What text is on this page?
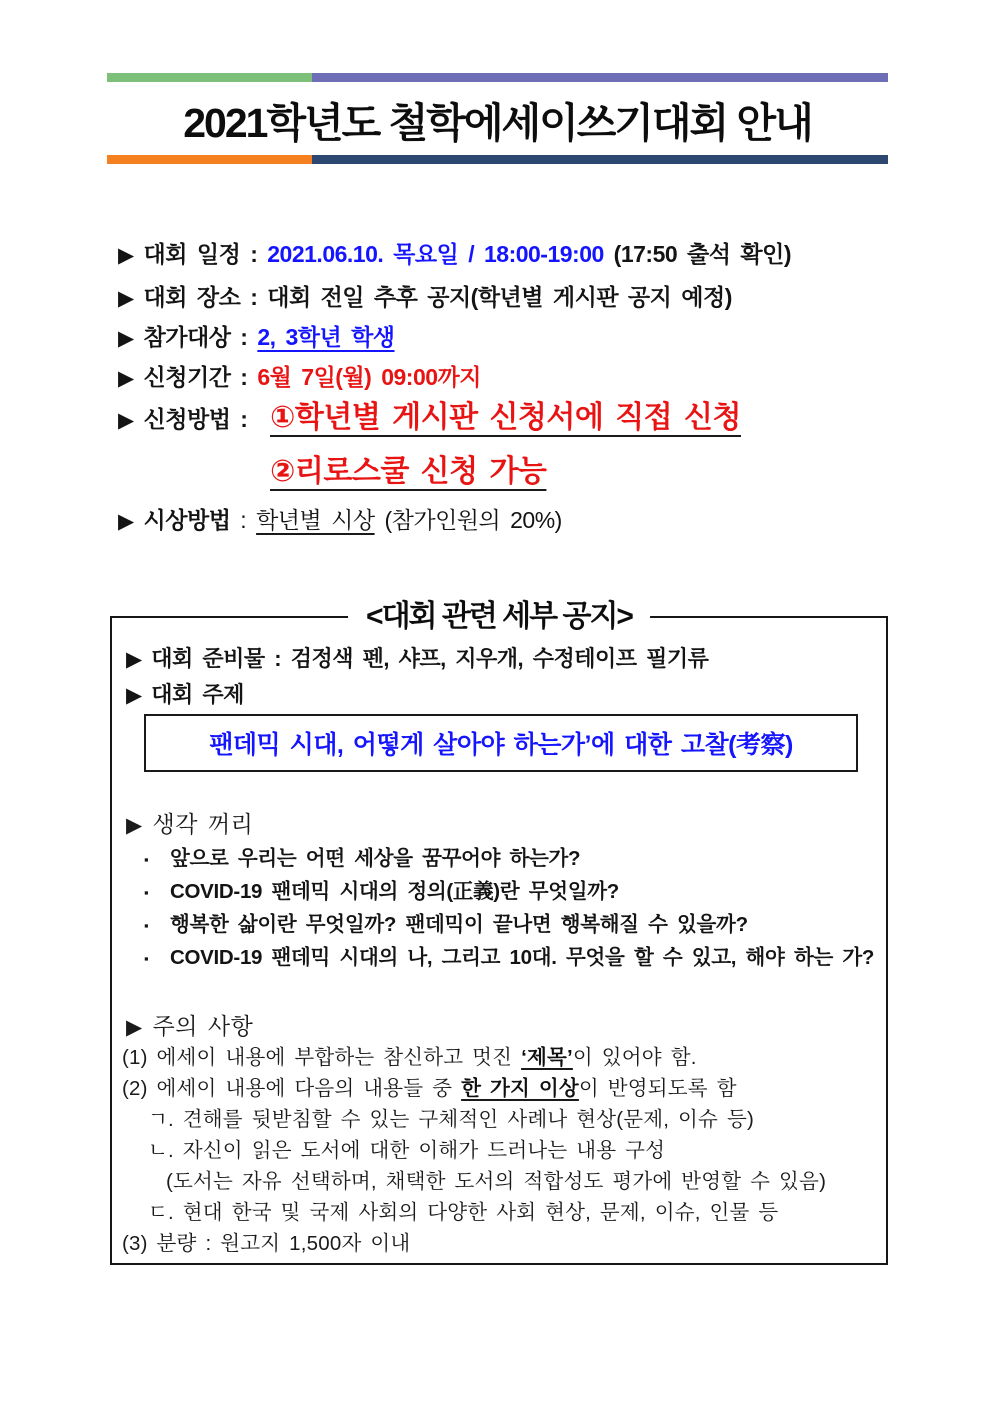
2021학년도 철학에세이쓰기대회 안내
▶ 대회 일정 : 2021.06.10. 목요일 / 18:00-19:00 (17:50 출석 확인)
▶ 대회 장소 : 대회 전일 추후 공지(학년별 게시판 공지 예정)
▶ 참가대상 : 2, 3학년 학생
▶ 신청기간 : 6월 7일(월) 09:00까지
▶ 신청방법 : ①학년별 게시판 신청서에 직접 신청
②리로스쿨 신청 가능
▶ 시상방법 : 학년별 시상 (참가인원의 20%)
<대회 관련 세부 공지>
▶ 대회 준비물 : 검정색 펜, 샤프, 지우개, 수정테이프 필기류
▶ 대회 주제
팬데믹 시대, 어떻게 살아야 하는가’에 대한 고찰(考察)
▶ 생각 꺼리
▪	앞으로 우리는 어떤 세상을 꿈꾸어야 하는가?
▪	COVID-19 팬데믹 시대의 정의(正義)란 무엇일까?
▪	행복한 삶이란 무엇일까? 팬데믹이 끝나면 행복해질 수 있을까?
▪	COVID-19 팬데믹 시대의 나, 그리고 10대. 무엇을 할 수 있고, 해야 하는 가?
▶ 주의 사항
(1) 에세이 내용에 부합하는 참신하고 멋진 ‘제목’이 있어야 함.
(2) 에세이 내용에 다음의 내용들 중 한 가지 이상이 반영되도록 함
ㄱ. 견해를 뒷받침할 수 있는 구체적인 사례나 현상(문제, 이슈 등)
ㄴ. 자신이 읽은 도서에 대한 이해가 드러나는 내용 구성
(도서는 자유 선택하며, 채택한 도서의 적합성도 평가에 반영할 수 있음)
ㄷ. 현대 한국 및 국제 사회의 다양한 사회 현상, 문제, 이슈, 인물 등
(3) 분량 : 원고지 1,500자 이내
